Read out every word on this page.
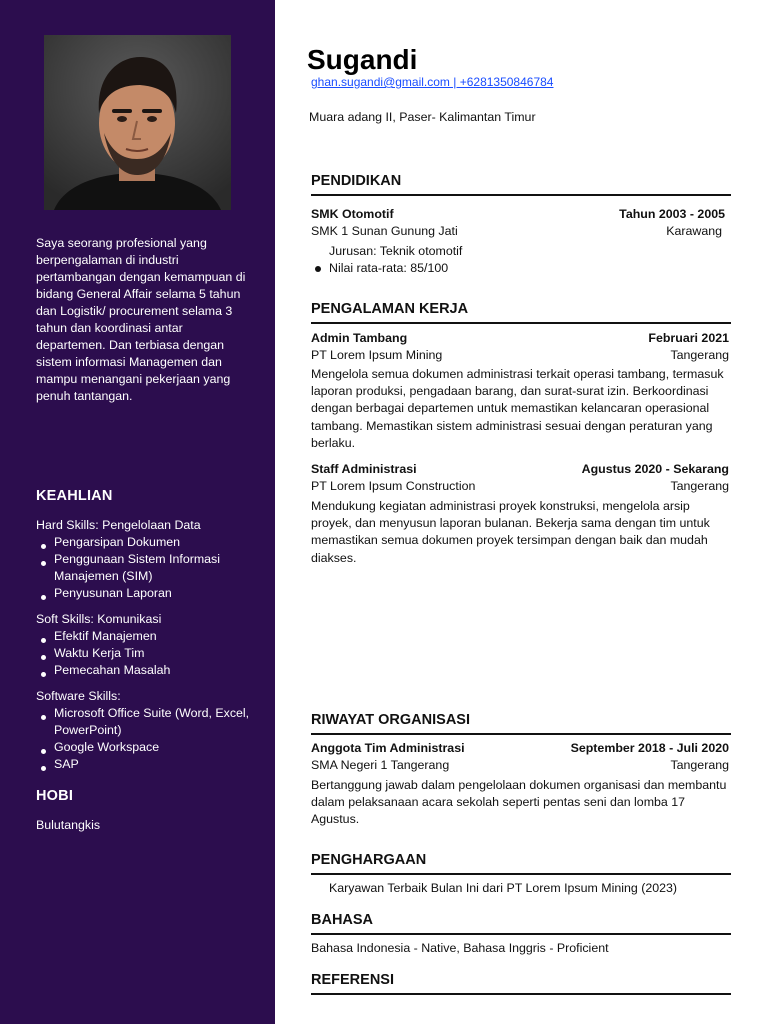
Saya seorang profesional yang berpengalaman di industri pertambangan dengan kemampuan di bidang General Affair selama 5 tahun dan Logistik/ procurement selama 3 tahun dan koordinasi antar departemen. Dan terbiasa dengan sistem informasi Managemen dan mampu menangani pekerjaan yang penuh tantangan.
KEAHLIAN
Hard Skills: Pengelolaan Data
Pengarsipan Dokumen
Penggunaan Sistem Informasi Manajemen (SIM)
Penyusunan Laporan
Soft Skills: Komunikasi
Efektif Manajemen
Waktu Kerja Tim
Pemecahan Masalah
Software Skills:
Microsoft Office Suite (Word, Excel, PowerPoint)
Google Workspace
SAP
HOBI
Bulutangkis
Sugandi
ghan.sugandi@gmail.com | +6281350846784
Muara adang II, Paser- Kalimantan Timur
PENDIDIKAN
SMK Otomotif	Tahun 2003 - 2005
SMK 1 Sunan Gunung Jati	Karawang
Jurusan: Teknik otomotif
Nilai rata-rata: 85/100
PENGALAMAN KERJA
Admin Tambang	Februari 2021
PT Lorem Ipsum Mining	Tangerang
Mengelola semua dokumen administrasi terkait operasi tambang, termasuk laporan produksi, pengadaan barang, dan surat-surat izin. Berkoordinasi dengan berbagai departemen untuk memastikan kelancaran operasional tambang. Memastikan sistem administrasi sesuai dengan peraturan yang berlaku.
Staff Administrasi	Agustus 2020 - Sekarang
PT Lorem Ipsum Construction	Tangerang
Mendukung kegiatan administrasi proyek konstruksi, mengelola arsip proyek, dan menyusun laporan bulanan. Bekerja sama dengan tim untuk memastikan semua dokumen proyek tersimpan dengan baik dan mudah diakses.
RIWAYAT ORGANISASI
Anggota Tim Administrasi	September 2018 - Juli 2020
SMA Negeri 1 Tangerang	Tangerang
Bertanggung jawab dalam pengelolaan dokumen organisasi dan membantu dalam pelaksanaan acara sekolah seperti pentas seni dan lomba 17 Agustus.
PENGHARGAAN
Karyawan Terbaik Bulan Ini dari PT Lorem Ipsum Mining (2023)
BAHASA
Bahasa Indonesia - Native, Bahasa Inggris - Proficient
REFERENSI
